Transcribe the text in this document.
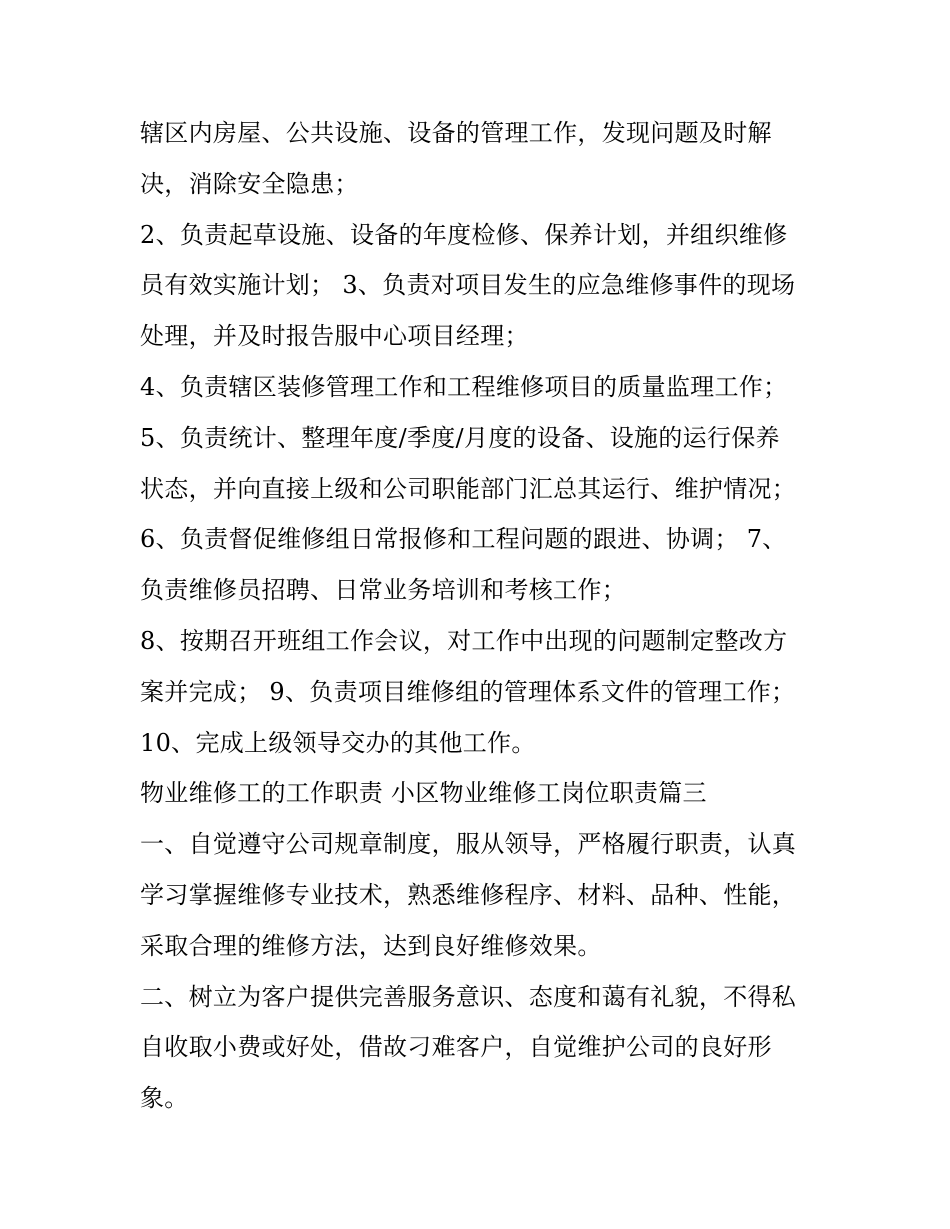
辖区内房屋、公共设施、设备的管理工作，发现问题及时解
决，消除安全隐患；
2、负责起草设施、设备的年度检修、保养计划，并组织维修
员有效实施计划； 3、负责对项目发生的应急维修事件的现场
处理，并及时报告服中心项目经理；
4、负责辖区装修管理工作和工程维修项目的质量监理工作；
5、负责统计、整理年度/季度/月度的设备、设施的运行保养
状态，并向直接上级和公司职能部门汇总其运行、维护情况；
6、负责督促维修组日常报修和工程问题的跟进、协调； 7、
负责维修员招聘、日常业务培训和考核工作；
8、按期召开班组工作会议，对工作中出现的问题制定整改方
案并完成； 9、负责项目维修组的管理体系文件的管理工作；
10、完成上级领导交办的其他工作。
物业维修工的工作职责 小区物业维修工岗位职责篇三
一、自觉遵守公司规章制度，服从领导，严格履行职责，认真
学习掌握维修专业技术，熟悉维修程序、材料、品种、性能，
采取合理的维修方法，达到良好维修效果。
二、树立为客户提供完善服务意识、态度和蔼有礼貌，不得私
自收取小费或好处，借故刁难客户，自觉维护公司的良好形
象。
